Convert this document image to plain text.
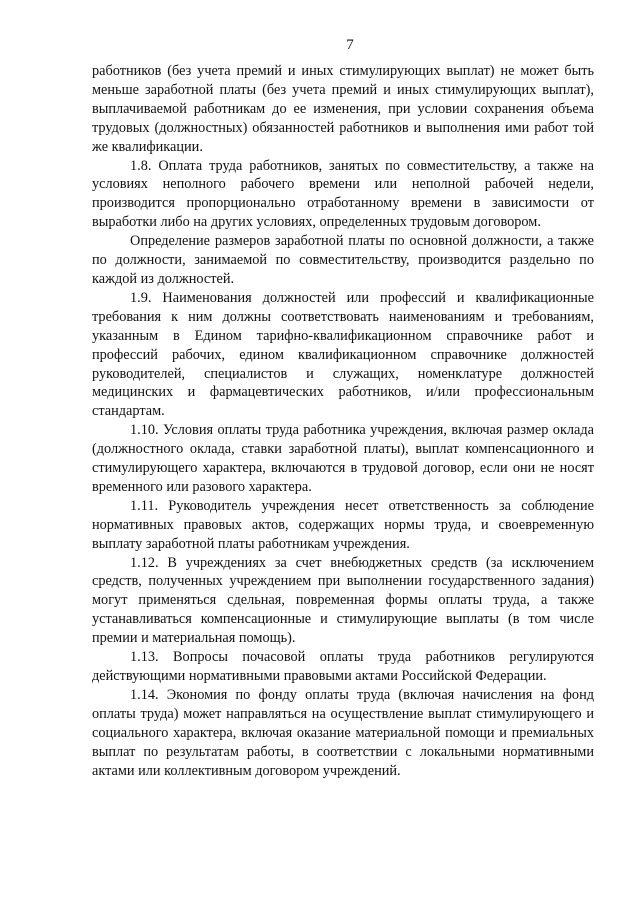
7

работников (без учета премий и иных стимулирующих выплат) не может быть меньше заработной платы (без учета премий и иных стимулирующих выплат), выплачиваемой работникам до ее изменения, при условии сохранения объема трудовых (должностных) обязанностей работников и выполнения ими работ той же квалификации.

1.8. Оплата труда работников, занятых по совместительству, а также на условиях неполного рабочего времени или неполной рабочей недели, производится пропорционально отработанному времени в зависимости от выработки либо на других условиях, определенных трудовым договором.

Определение размеров заработной платы по основной должности, а также по должности, занимаемой по совместительству, производится раздельно по каждой из должностей.

1.9. Наименования должностей или профессий и квалификационные требования к ним должны соответствовать наименованиям и требованиям, указанным в Едином тарифно-квалификационном справочнике работ и профессий рабочих, едином квалификационном справочнике должностей руководителей, специалистов и служащих, номенклатуре должностей медицинских и фармацевтических работников, и/или профессиональным стандартам.

1.10. Условия оплаты труда работника учреждения, включая размер оклада (должностного оклада, ставки заработной платы), выплат компенсационного и стимулирующего характера, включаются в трудовой договор, если они не носят временного или разового характера.

1.11. Руководитель учреждения несет ответственность за соблюдение нормативных правовых актов, содержащих нормы труда, и своевременную выплату заработной платы работникам учреждения.

1.12. В учреждениях за счет внебюджетных средств (за исключением средств, полученных учреждением при выполнении государственного задания) могут применяться сдельная, повременная формы оплаты труда, а также устанавливаться компенсационные и стимулирующие выплаты (в том числе премии и материальная помощь).

1.13. Вопросы почасовой оплаты труда работников регулируются действующими нормативными правовыми актами Российской Федерации.

1.14. Экономия по фонду оплаты труда (включая начисления на фонд оплаты труда) может направляться на осуществление выплат стимулирующего и социального характера, включая оказание материальной помощи и премиальных выплат по результатам работы, в соответствии с локальными нормативными актами или коллективным договором учреждений.
